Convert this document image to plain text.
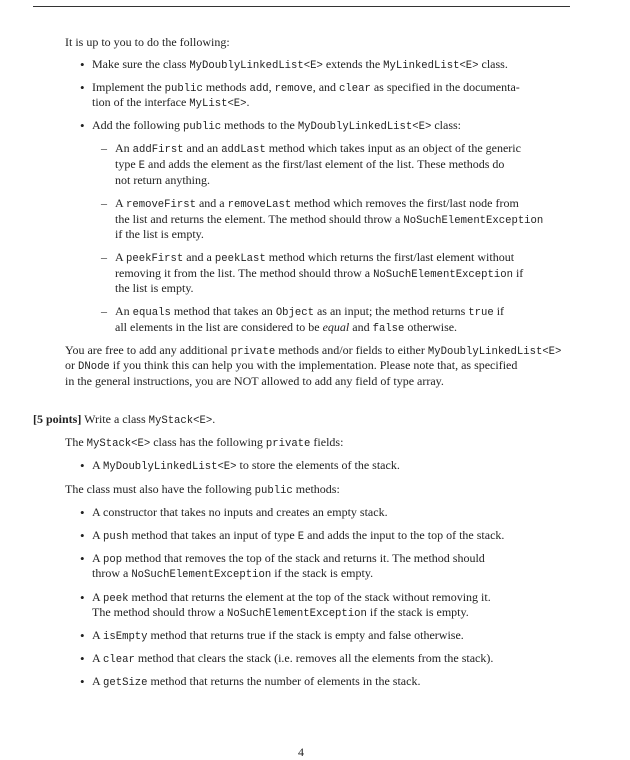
It is up to you to do the following:
• Make sure the class MyDoublyLinkedList<E> extends the MyLinkedList<E> class.
• Implement the public methods add, remove, and clear as specified in the documenta-
tion of the interface MyList<E>.
• Add the following public methods to the MyDoublyLinkedList<E> class:
– An addFirst and an addLast method which takes input as an object of the generic
type E and adds the element as the first/last element of the list. These methods do
not return anything.
– A removeFirst and a removeLast method which removes the first/last node from
the list and returns the element. The method should throw a NoSuchElementException
if the list is empty.
– A peekFirst and a peekLast method which returns the first/last element without
removing it from the list. The method should throw a NoSuchElementException if
the list is empty.
– An equals method that takes an Object as an input; the method returns true if
all elements in the list are considered to be equal and false otherwise.
You are free to add any additional private methods and/or fields to either MyDoublyLinkedList<E>
or DNode if you think this can help you with the implementation. Please note that, as specified
in the general instructions, you are NOT allowed to add any field of type array.
[5 points] Write a class MyStack<E>.
The MyStack<E> class has the following private fields:
• A MyDoublyLinkedList<E> to store the elements of the stack.
The class must also have the following public methods:
• A constructor that takes no inputs and creates an empty stack.
• A push method that takes an input of type E and adds the input to the top of the stack.
• A pop method that removes the top of the stack and returns it. The method should
throw a NoSuchElementException if the stack is empty.
• A peek method that returns the element at the top of the stack without removing it.
The method should throw a NoSuchElementException if the stack is empty.
• A isEmpty method that returns true if the stack is empty and false otherwise.
• A clear method that clears the stack (i.e. removes all the elements from the stack).
• A getSize method that returns the number of elements in the stack.
4
